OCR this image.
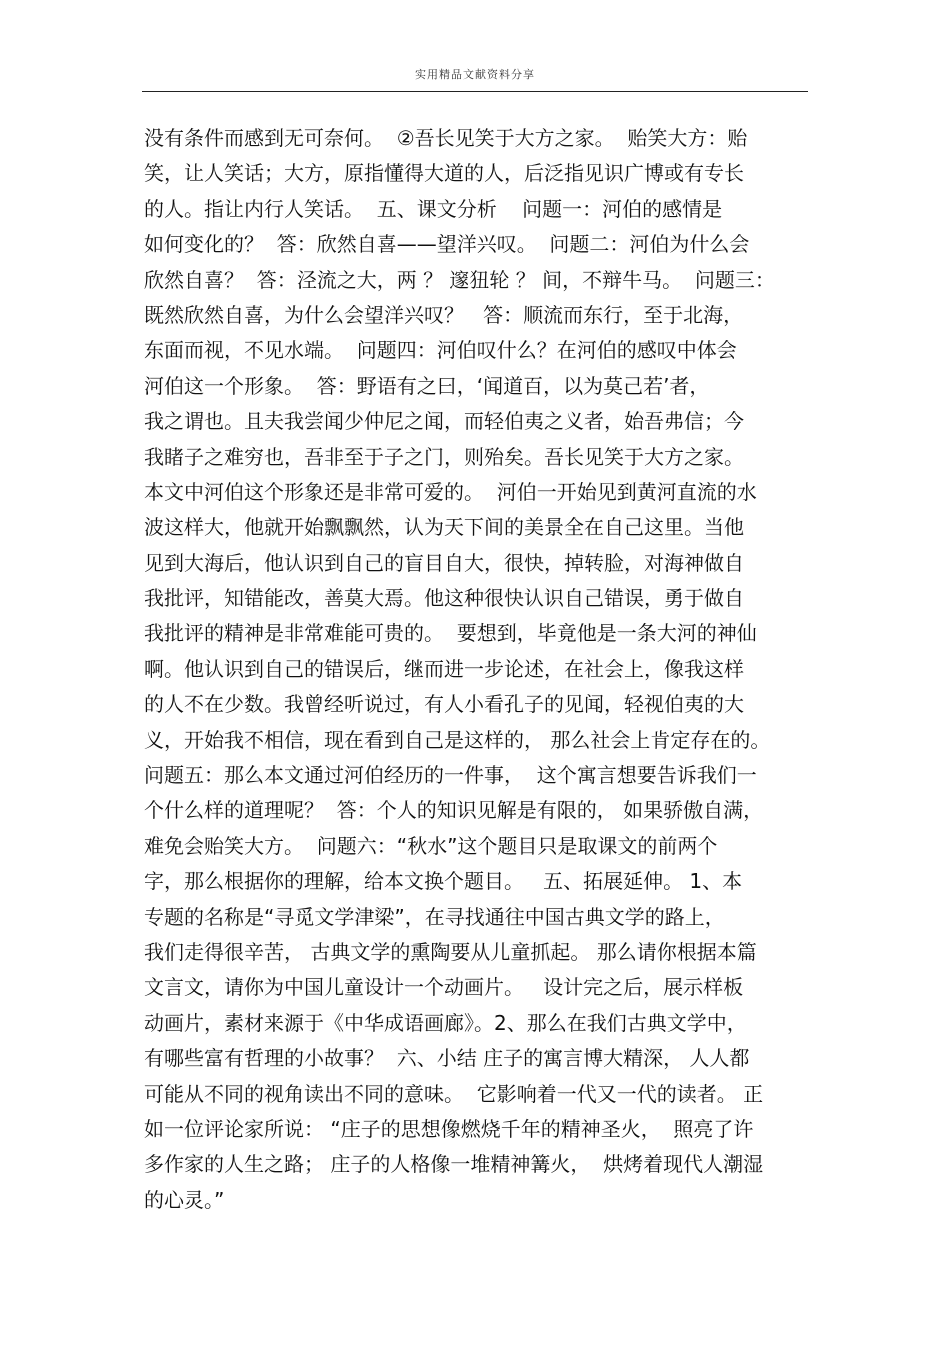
实用精品文献资料分享
没有条件而感到无可奈何。  ②吾长见笑于大方之家。  贻笑大方：贻
笑，让人笑话；大方，原指懂得大道的人，后泛指见识广博或有专长
的人。指让内行人笑话。  五、课文分析    问题一：河伯的感情是
如何变化的？  答：欣然自喜——望洋兴叹。  问题二：河伯为什么会
欣然自喜？  答：泾流之大，两 ？ 邃狃轮 ？ 间，不辩牛马。  问题三：
既然欣然自喜，为什么会望洋兴叹？   答：顺流而东行，至于北海，
东面而视，不见水端。  问题四：河伯叹什么？在河伯的感叹中体会
河伯这一个形象。  答：野语有之曰，‘闻道百，以为莫己若’者，
我之谓也。且夫我尝闻少仲尼之闻，而轻伯夷之义者，始吾弗信；今
我睹子之难穷也，吾非至于子之门，则殆矣。吾长见笑于大方之家。
本文中河伯这个形象还是非常可爱的。  河伯一开始见到黄河直流的水
波这样大，他就开始飘飘然，认为天下间的美景全在自己这里。当他
见到大海后，他认识到自己的盲目自大，很快，掉转脸，对海神做自
我批评，知错能改，善莫大焉。他这种很快认识自己错误，勇于做自
我批评的精神是非常难能可贵的。  要想到，毕竟他是一条大河的神仙
啊。他认识到自己的错误后，继而进一步论述，在社会上，像我这样
的人不在少数。我曾经听说过，有人小看孔子的见闻，轻视伯夷的大
义，开始我不相信，现在看到自己是这样的， 那么社会上肯定存在的。
问题五：那么本文通过河伯经历的一件事，  这个寓言想要告诉我们一
个什么样的道理呢？  答：个人的知识见解是有限的， 如果骄傲自满，
难免会贻笑大方。  问题六：“秋水”这个题目只是取课文的前两个
字，那么根据你的理解，给本文换个题目。   五、拓展延伸。 1、本
专题的名称是“寻觅文学津梁”，在寻找通往中国古典文学的路上，
我们走得很辛苦， 古典文学的熏陶要从儿童抓起。 那么请你根据本篇
文言文，请你为中国儿童设计一个动画片。   设计完之后，展示样板
动画片，素材来源于《中华成语画廊》。2、那么在我们古典文学中，
有哪些富有哲理的小故事？  六、小结 庄子的寓言博大精深， 人人都
可能从不同的视角读出不同的意味。  它影响着一代又一代的读者。 正
如一位评论家所说： “庄子的思想像燃烧千年的精神圣火，  照亮了许
多作家的人生之路； 庄子的人格像一堆精神篝火，  烘烤着现代人潮湿
的心灵。”
